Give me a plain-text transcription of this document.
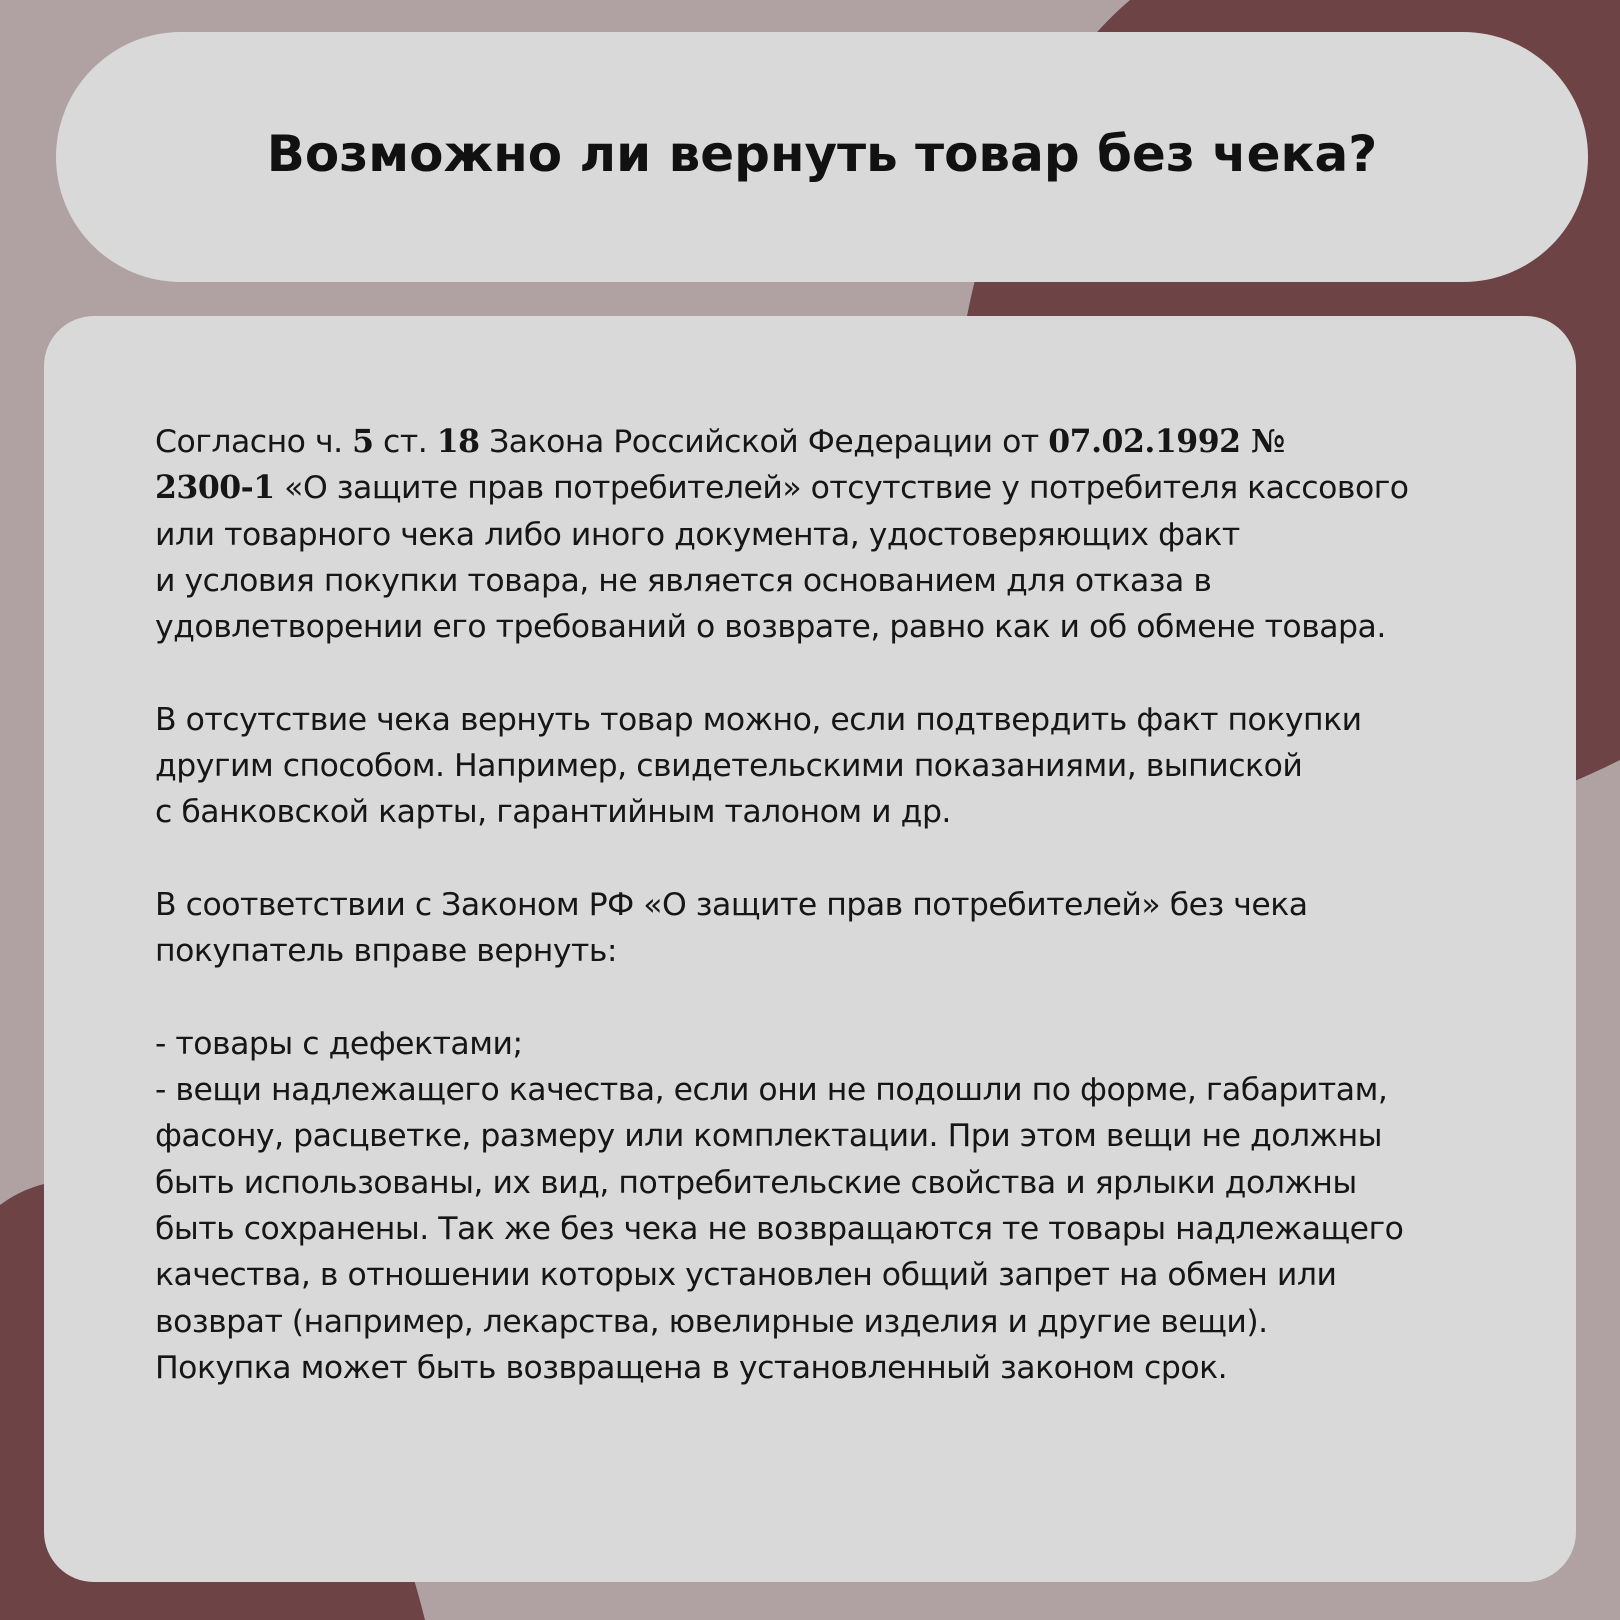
Возможно ли вернуть товар без чека?

Согласно ч. 5 ст. 18 Закона Российской Федерации от 07.02.1992 №
2300-1 «О защите прав потребителей» отсутствие у потребителя кассового
или товарного чека либо иного документа, удостоверяющих факт
и условия покупки товара, не является основанием для отказа в
удовлетворении его требований о возврате, равно как и об обмене товара.

В отсутствие чека вернуть товар можно, если подтвердить факт покупки
другим способом. Например, свидетельскими показаниями, выпиской
с банковской карты, гарантийным талоном и др.

В соответствии с Законом РФ «О защите прав потребителей» без чека
покупатель вправе вернуть:

- товары с дефектами;
- вещи надлежащего качества, если они не подошли по форме, габаритам,
фасону, расцветке, размеру или комплектации. При этом вещи не должны
быть использованы, их вид, потребительские свойства и ярлыки должны
быть сохранены. Так же без чека не возвращаются те товары надлежащего
качества, в отношении которых установлен общий запрет на обмен или
возврат (например, лекарства, ювелирные изделия и другие вещи).
Покупка может быть возвращена в установленный законом срок.
